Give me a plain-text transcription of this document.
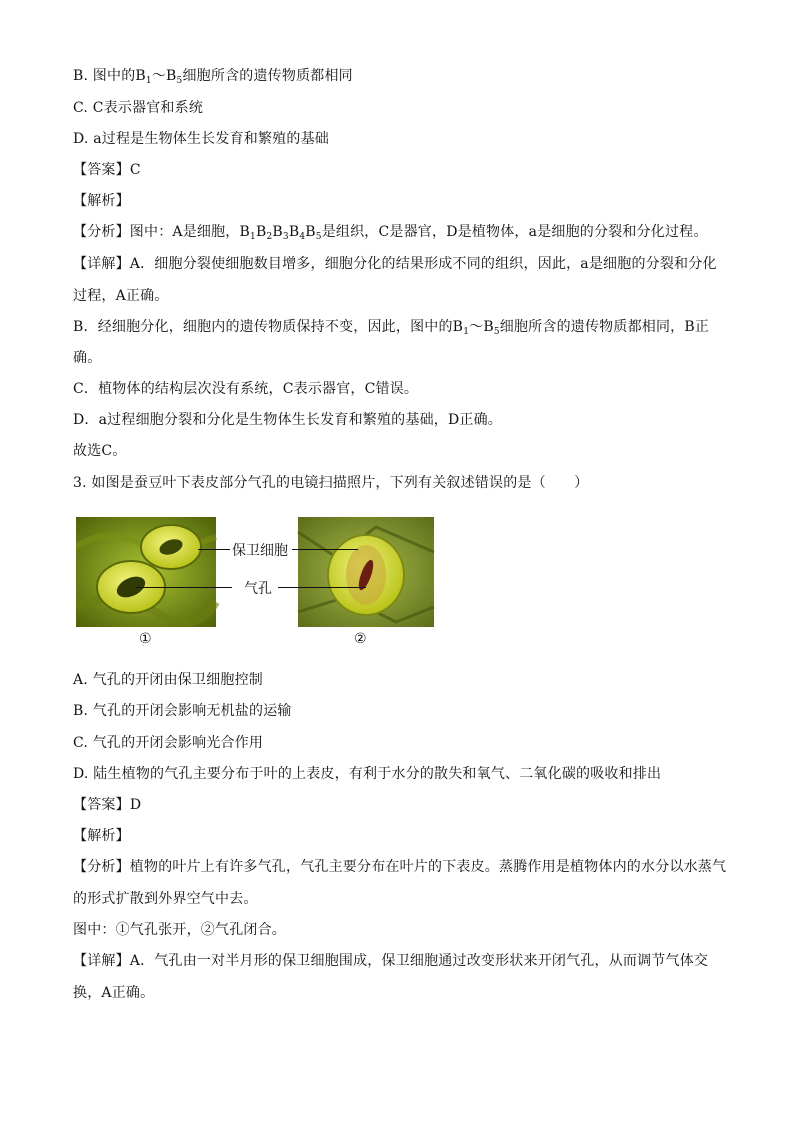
B. 图中的$B_1\sim B_5$细胞所含的遗传物质都相同
C. C表示器官和系统
D. a过程是生物体生长发育和繁殖的基础
【答案】C
【解析】
【分析】图中：A是细胞，$B_1B_2B_3B_4B_5$是组织，C是器官，D是植物体，a是细胞的分裂和分化过程。
【详解】A．细胞分裂使细胞数目增多，细胞分化的结果形成不同的组织，因此，a是细胞的分裂和分化
过程，A正确。
B．经细胞分化，细胞内的遗传物质保持不变，因此，图中的$B_1\sim B_5$细胞所含的遗传物质都相同，B正
确。
C．植物体的结构层次没有系统，C表示器官，C错误。
D．a过程细胞分裂和分化是生物体生长发育和繁殖的基础，D正确。
故选C。
3. 如图是蚕豆叶下表皮部分气孔的电镜扫描照片，下列有关叙述错误的是（　　）
保卫细胞
气孔
①	②
A. 气孔的开闭由保卫细胞控制
B. 气孔的开闭会影响无机盐的运输
C. 气孔的开闭会影响光合作用
D. 陆生植物的气孔主要分布于叶的上表皮，有利于水分的散失和氧气、二氧化碳的吸收和排出
【答案】D
【解析】
【分析】植物的叶片上有许多气孔，气孔主要分布在叶片的下表皮。蒸腾作用是植物体内的水分以水蒸气
的形式扩散到外界空气中去。
图中：①气孔张开，②气孔闭合。
【详解】A．气孔由一对半月形的保卫细胞围成，保卫细胞通过改变形状来开闭气孔，从而调节气体交
换，A正确。
